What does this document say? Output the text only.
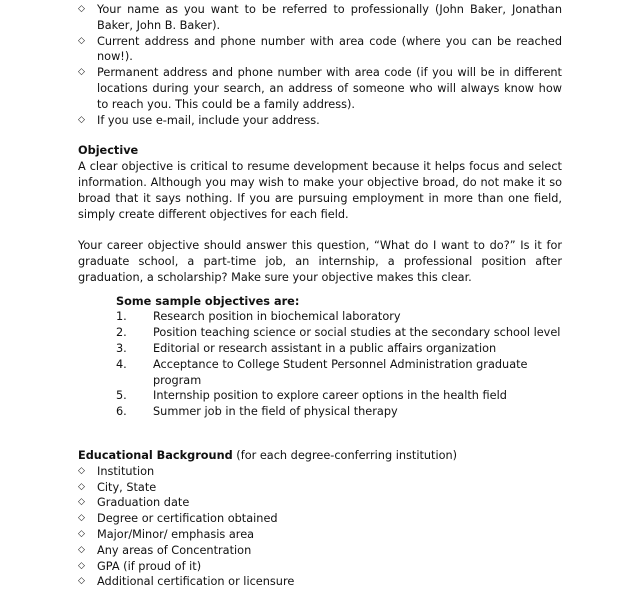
◇	Your name as you want to be referred to professionally (John Baker, Jonathan Baker, John B. Baker).
◇	Current address and phone number with area code (where you can be reached now!).
◇	Permanent address and phone number with area code (if you will be in different locations during your search, an address of someone who will always know how to reach you. This could be a family address).
◇	If you use e-mail, include your address.
Objective
A clear objective is critical to resume development because it helps focus and select information. Although you may wish to make your objective broad, do not make it so broad that it says nothing. If you are pursuing employment in more than one field, simply create different objectives for each field.
Your career objective should answer this question, “What do I want to do?” Is it for graduate school, a part-time job, an internship, a professional position after graduation, a scholarship? Make sure your objective makes this clear.
Some sample objectives are:
1.	Research position in biochemical laboratory
2.	Position teaching science or social studies at the secondary school level
3.	Editorial or research assistant in a public affairs organization
4.	Acceptance to College Student Personnel Administration graduate program
5.	Internship position to explore career options in the health field
6.	Summer job in the field of physical therapy
Educational Background (for each degree-conferring institution)
◇	Institution
◇	City, State
◇	Graduation date
◇	Degree or certification obtained
◇	Major/Minor/ emphasis area
◇	Any areas of Concentration
◇	GPA (if proud of it)
◇	Additional certification or licensure
